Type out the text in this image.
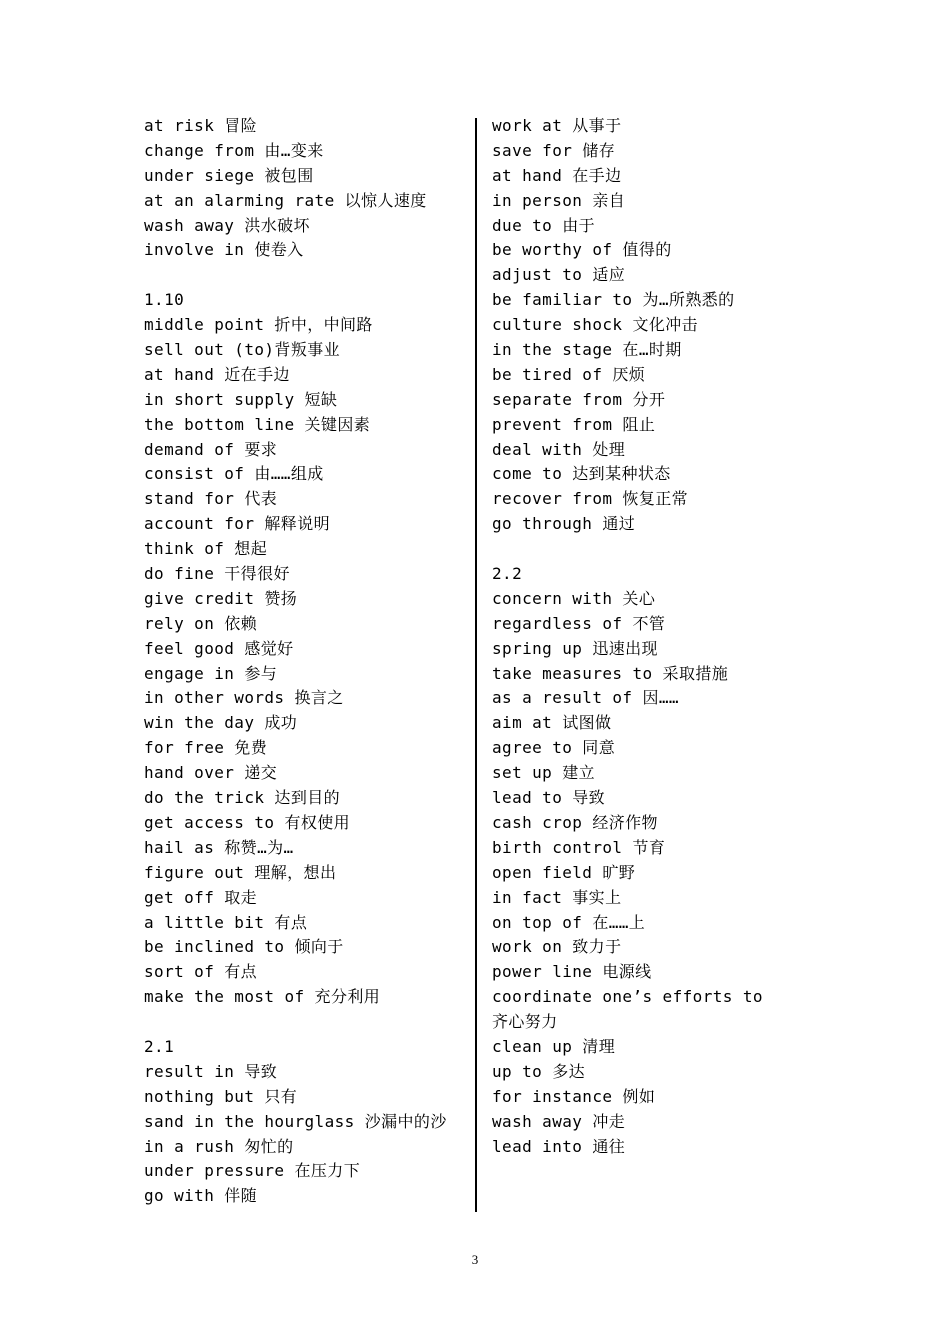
at risk 冒险
change from 由…变来
under siege 被包围
at an alarming rate 以惊人速度
wash away 洪水破坏
involve in 使卷入
1.10
middle point 折中，中间路
sell out (to)背叛事业
at hand 近在手边
in short supply 短缺
the bottom line 关键因素
demand of 要求
consist of 由……组成
stand for 代表
account for 解释说明
think of 想起
do fine 干得很好
give credit 赞扬
rely on 依赖
feel good 感觉好
engage in 参与
in other words 换言之
win the day 成功
for free 免费
hand over 递交
do the trick 达到目的
get access to 有权使用
hail as 称赞…为…
figure out 理解，想出
get off 取走
a little bit 有点
be inclined to 倾向于
sort of 有点
make the most of 充分利用
2.1
result in 导致
nothing but 只有
sand in the hourglass 沙漏中的沙
in a rush 匆忙的
under pressure 在压力下
go with 伴随
work at 从事于
save for 储存
at hand 在手边
in person 亲自
due to 由于
be worthy of 值得的
adjust to 适应
be familiar to 为…所熟悉的
culture shock 文化冲击
in the stage 在…时期
be tired of 厌烦
separate from 分开
prevent from 阻止
deal with 处理
come to 达到某种状态
recover from 恢复正常
go through 通过
2.2
concern with 关心
regardless of 不管
spring up 迅速出现
take measures to 采取措施
as a result of 因……
aim at 试图做
agree to 同意
set up 建立
lead to 导致
cash crop 经济作物
birth control 节育
open field 旷野
in fact 事实上
on top of 在……上
work on 致力于
power line 电源线
coordinate one’s efforts to
齐心努力
clean up 清理
up to 多达
for instance 例如
wash away 冲走
lead into 通往
3
